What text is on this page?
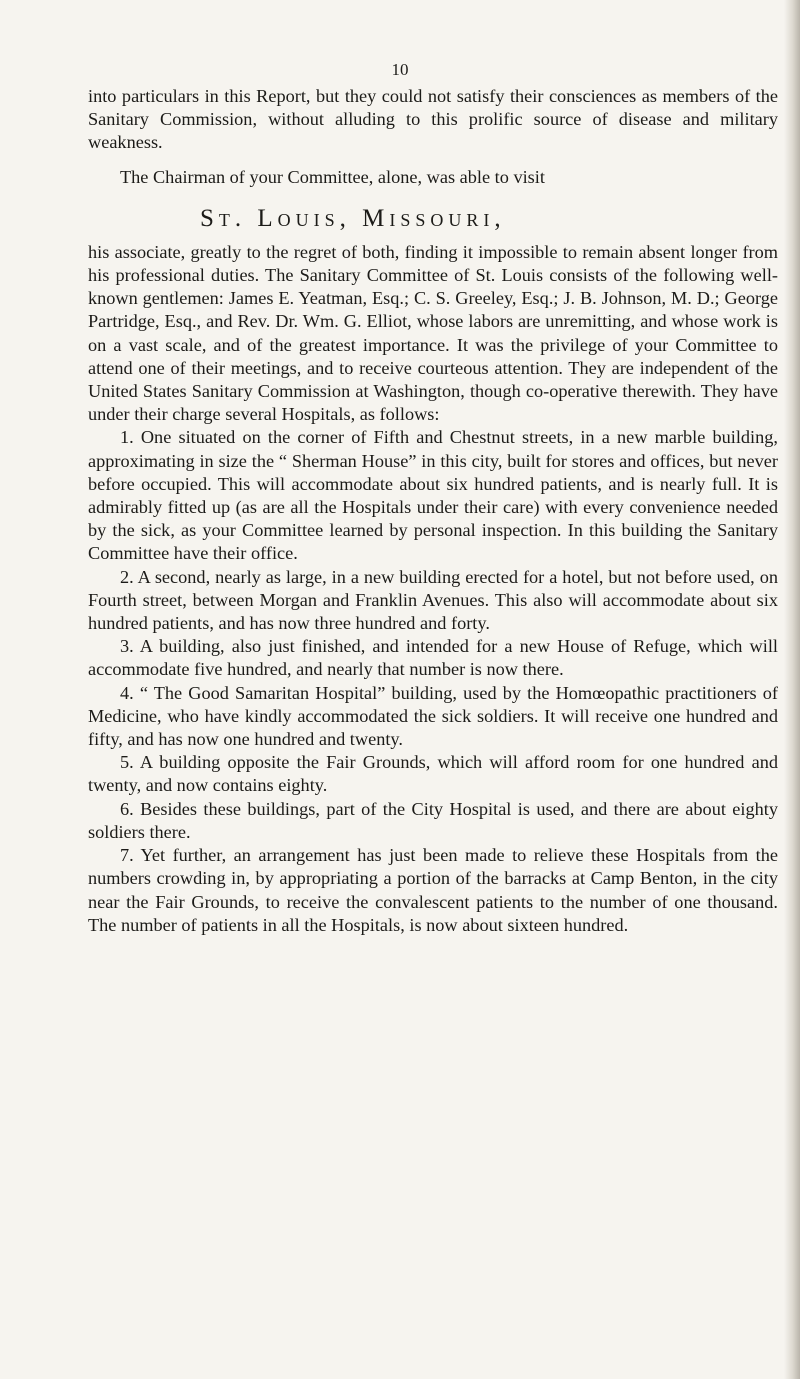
10

into particulars in this Report, but they could not satisfy their consciences as members of the Sanitary Commission, without alluding to this prolific source of disease and military weakness.

The Chairman of your Committee, alone, was able to visit

St. Louis, Missouri,

his associate, greatly to the regret of both, finding it impossible to remain absent longer from his professional duties. The Sanitary Committee of St. Louis consists of the following well-known gentlemen: James E. Yeatman, Esq.; C. S. Greeley, Esq.; J. B. Johnson, M. D.; George Partridge, Esq., and Rev. Dr. Wm. G. Elliot, whose labors are unremitting, and whose work is on a vast scale, and of the greatest importance. It was the privilege of your Committee to attend one of their meetings, and to receive courteous attention. They are independent of the United States Sanitary Commission at Washington, though co-operative therewith. They have under their charge several Hospitals, as follows:

1. One situated on the corner of Fifth and Chestnut streets, in a new marble building, approximating in size the “ Sherman House” in this city, built for stores and offices, but never before occupied. This will accommodate about six hundred patients, and is nearly full. It is admirably fitted up (as are all the Hospitals under their care) with every convenience needed by the sick, as your Committee learned by personal inspection. In this building the Sanitary Committee have their office.

2. A second, nearly as large, in a new building erected for a hotel, but not before used, on Fourth street, between Morgan and Franklin Avenues. This also will accommodate about six hundred patients, and has now three hundred and forty.

3. A building, also just finished, and intended for a new House of Refuge, which will accommodate five hundred, and nearly that number is now there.

4. “ The Good Samaritan Hospital” building, used by the Homœopathic practitioners of Medicine, who have kindly accommodated the sick soldiers. It will receive one hundred and fifty, and has now one hundred and twenty.

5. A building opposite the Fair Grounds, which will afford room for one hundred and twenty, and now contains eighty.

6. Besides these buildings, part of the City Hospital is used, and there are about eighty soldiers there.

7. Yet further, an arrangement has just been made to relieve these Hospitals from the numbers crowding in, by appropriating a portion of the barracks at Camp Benton, in the city near the Fair Grounds, to receive the convalescent patients to the number of one thousand. The number of patients in all the Hospitals, is now about sixteen hundred.
